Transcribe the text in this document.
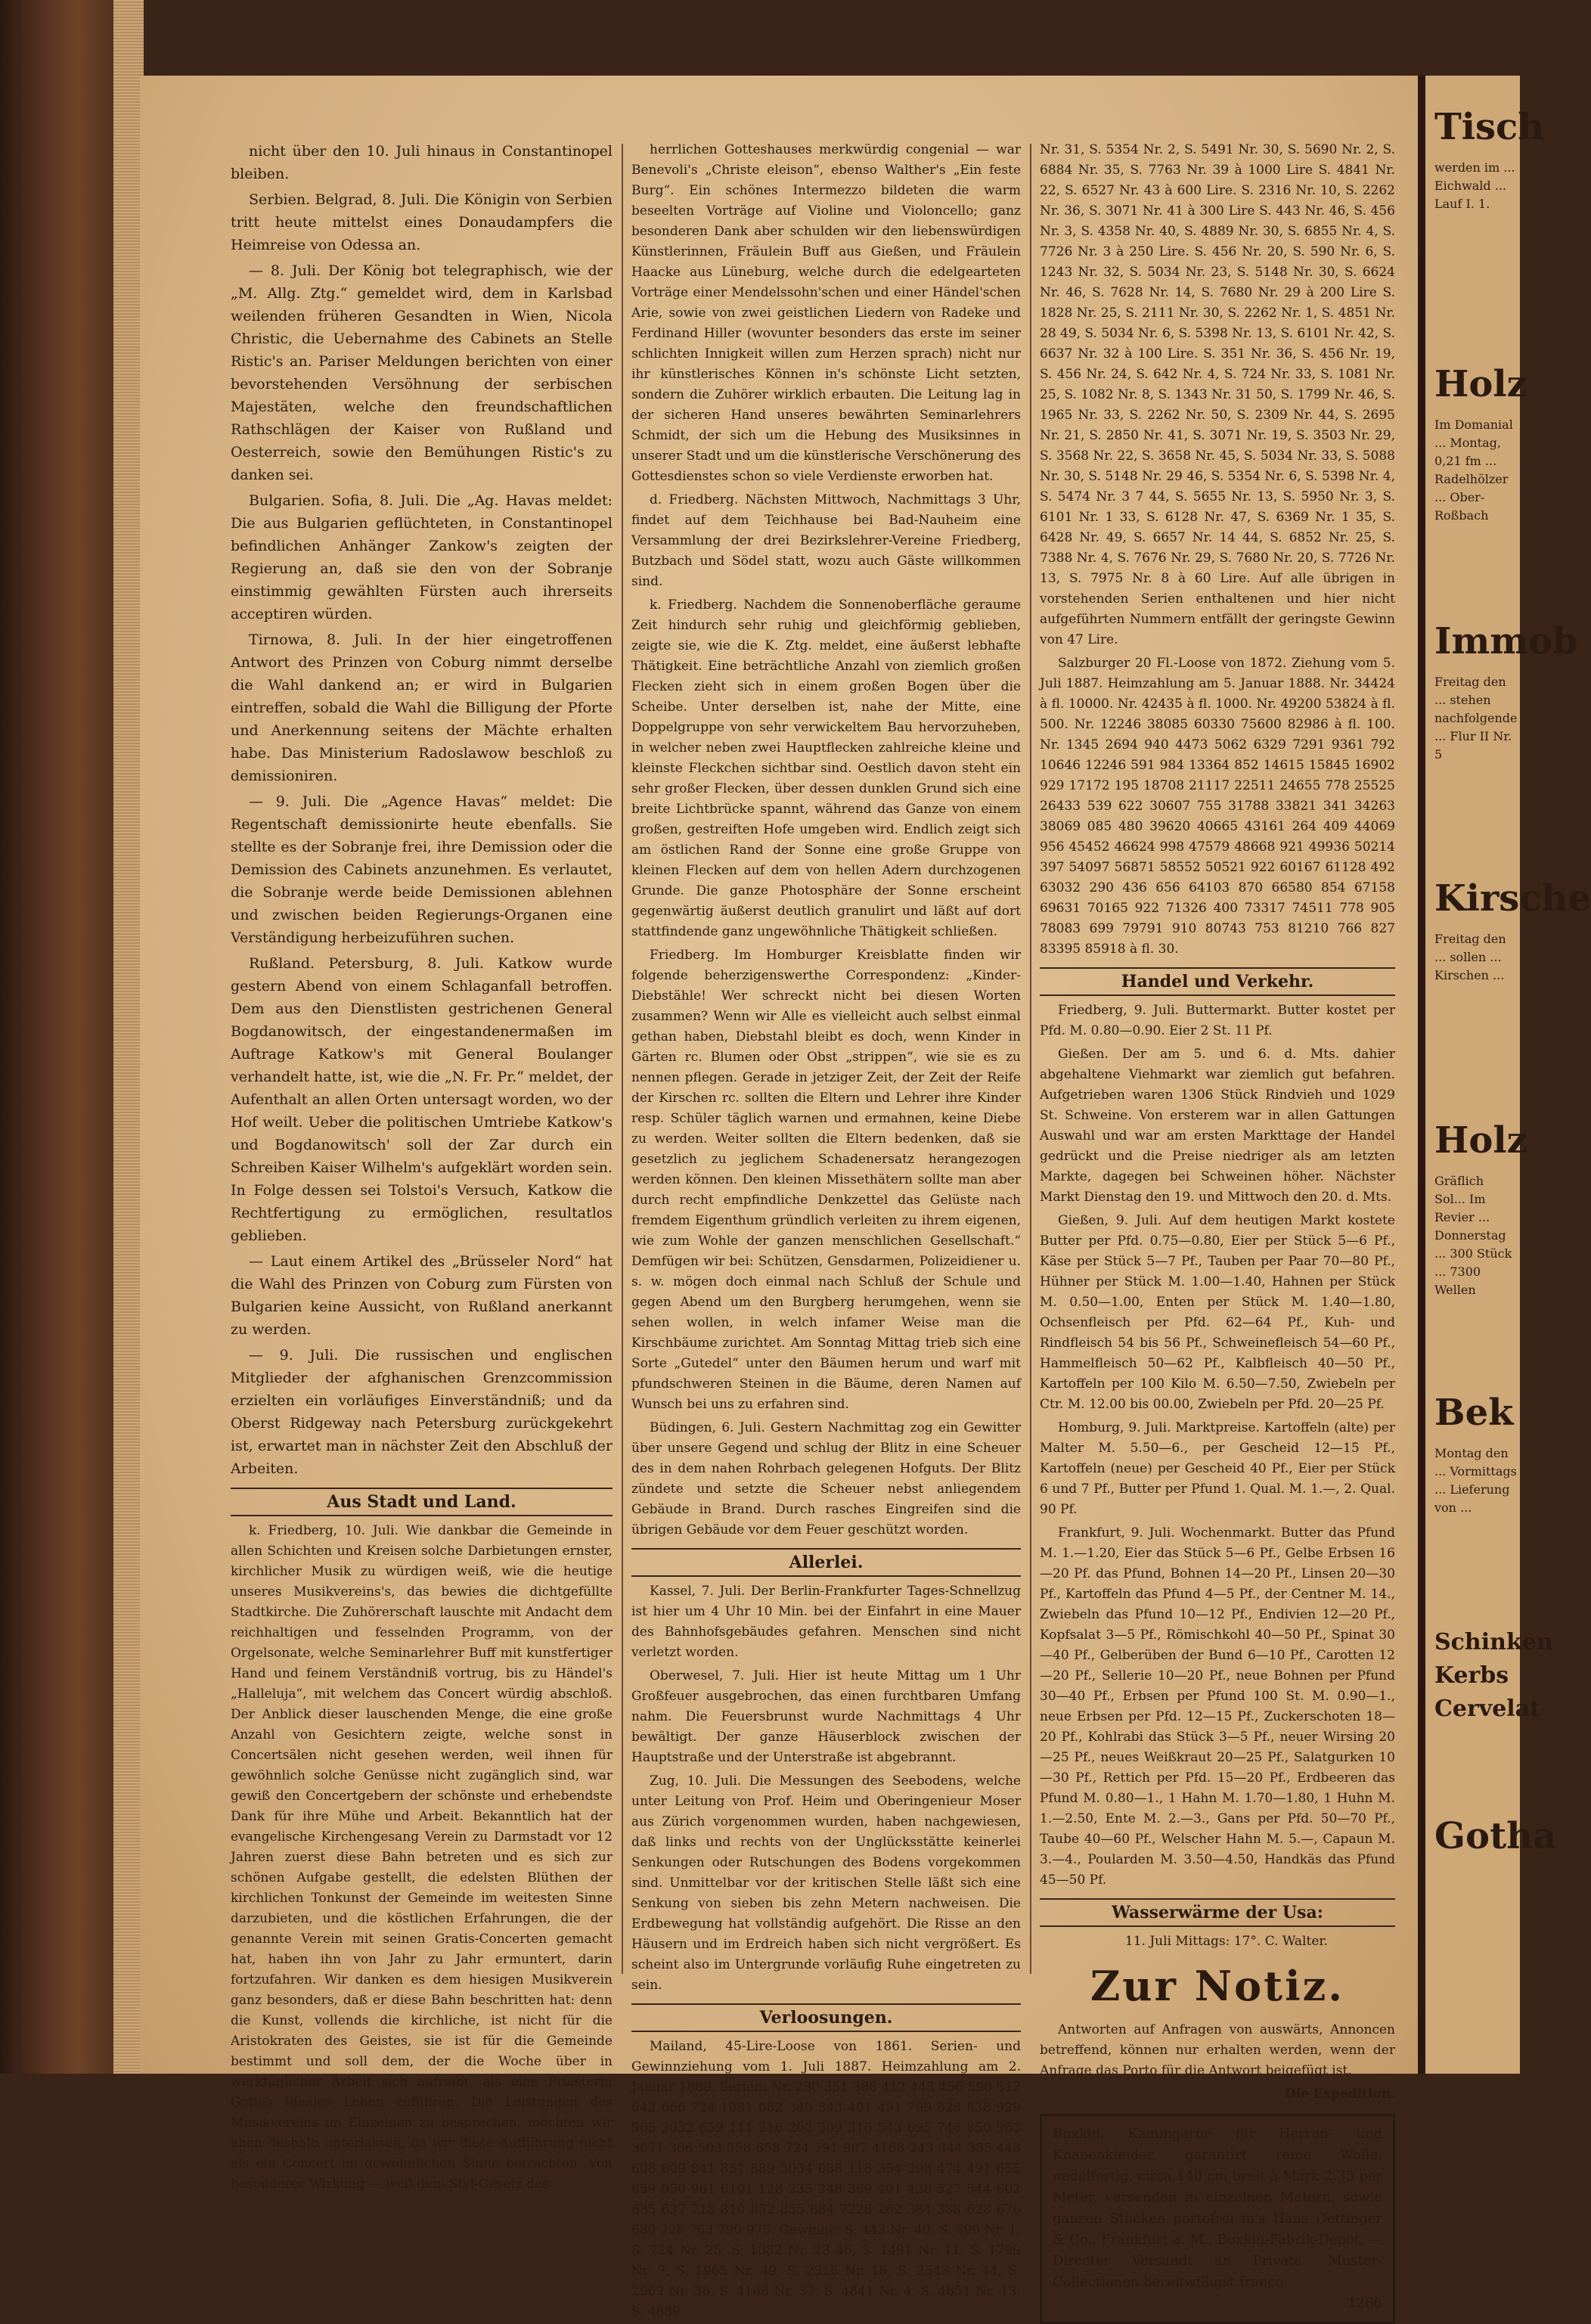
nicht über den 10. Juli hinaus in Constantinopel bleiben.

Serbien. Belgrad, 8. Juli. Die Königin von Serbien tritt heute mittelst eines Donaudampfers die Heimreise von Odessa an.

— 8. Juli. Der König bot telegraphisch, wie der „M. Allg. Ztg.“ gemeldet wird, dem in Karlsbad weilenden früheren Gesandten in Wien, Nicola Christic, die Uebernahme des Cabinets an Stelle Ristic's an. Pariser Meldungen berichten von einer bevorstehenden Versöhnung der serbischen Majestäten, welche den freundschaftlichen Rathschlägen der Kaiser von Rußland und Oesterreich, sowie den Bemühungen Ristic's zu danken sei.

Bulgarien. Sofia, 8. Juli. Die „Ag. Havas meldet: Die aus Bulgarien geflüchteten, in Constantinopel befindlichen Anhänger Zankow's zeigten der Regierung an, daß sie den von der Sobranje einstimmig gewählten Fürsten auch ihrerseits acceptiren würden.

Tirnowa, 8. Juli. In der hier eingetroffenen Antwort des Prinzen von Coburg nimmt derselbe die Wahl dankend an; er wird in Bulgarien eintreffen, sobald die Wahl die Billigung der Pforte und Anerkennung seitens der Mächte erhalten habe. Das Ministerium Radoslawow beschloß zu demissioniren.

— 9. Juli. Die „Agence Havas“ meldet: Die Regentschaft demissionirte heute ebenfalls. Sie stellte es der Sobranje frei, ihre Demission oder die Demission des Cabinets anzunehmen. Es verlautet, die Sobranje werde beide Demissionen ablehnen und zwischen beiden Regierungs-Organen eine Verständigung herbeizuführen suchen.

Rußland. Petersburg, 8. Juli. Katkow wurde gestern Abend von einem Schlaganfall betroffen. Dem aus den Dienstlisten gestrichenen General Bogdanowitsch, der eingestandenermaßen im Auftrage Katkow's mit General Boulanger verhandelt hatte, ist, wie die „N. Fr. Pr.“ meldet, der Aufenthalt an allen Orten untersagt worden, wo der Hof weilt. Ueber die politischen Umtriebe Katkow's und Bogdanowitsch' soll der Zar durch ein Schreiben Kaiser Wilhelm's aufgeklärt worden sein. In Folge dessen sei Tolstoi's Versuch, Katkow die Rechtfertigung zu ermöglichen, resultatlos geblieben.

— Laut einem Artikel des „Brüsseler Nord“ hat die Wahl des Prinzen von Coburg zum Fürsten von Bulgarien keine Aussicht, von Rußland anerkannt zu werden.

— 9. Juli. Die russischen und englischen Mitglieder der afghanischen Grenzcommission erzielten ein vorläufiges Einverständniß; und da Oberst Ridgeway nach Petersburg zurückgekehrt ist, erwartet man in nächster Zeit den Abschluß der Arbeiten.

Aus Stadt und Land.

k. Friedberg, 10. Juli. Wie dankbar die Gemeinde in allen Schichten und Kreisen solche Darbietungen ernster, kirchlicher Musik zu würdigen weiß, wie die heutige unseres Musikvereins's, das bewies die dichtgefüllte Stadtkirche. Die Zuhörerschaft lauschte mit Andacht dem reichhaltigen und fesselnden Programm, von der Orgelsonate, welche Seminarlehrer Buff mit kunstfertiger Hand und feinem Verständniß vortrug, bis zu Händel's „Halleluja“, mit welchem das Concert würdig abschloß. Der Anblick dieser lauschenden Menge, die eine große Anzahl von Gesichtern zeigte, welche sonst in Concertsälen nicht gesehen werden, weil ihnen für gewöhnlich solche Genüsse nicht zugänglich sind, war gewiß den Concertgebern der schönste und erhebendste Dank für ihre Mühe und Arbeit. Bekanntlich hat der evangelische Kirchengesang Verein zu Darmstadt vor 12 Jahren zuerst diese Bahn betreten und es sich zur schönen Aufgabe gestellt, die edelsten Blüthen der kirchlichen Tonkunst der Gemeinde im weitesten Sinne darzubieten, und die köstlichen Erfahrungen, die der genannte Verein mit seinen Gratis-Concerten gemacht hat, haben ihn von Jahr zu Jahr ermuntert, darin fortzufahren. Wir danken es dem hiesigen Musikverein ganz besonders, daß er diese Bahn beschritten hat: denn die Kunst, vollends die kirchliche, ist nicht für die Aristokraten des Geistes, sie ist für die Gemeinde bestimmt und soll dem, der die Woche über in werktäglicher Arbeit sich aufreibt, als eine Priesterin Gottes ideales Leben zuführen. Die Leistungen des Musikvereins im Einzelnen zu besprechen, möchten wir eben deshalb unterlassen, da wir diese Aufführung nicht als ein Concert im gewöhnlichen Sinne betrachten. Von besonderer Wirkung — weil dem Styl-Gesetz des

herrlichen Gotteshauses merkwürdig congenial — war Benevoli's „Christe eleison“, ebenso Walther's „Ein feste Burg“. Ein schönes Intermezzo bildeten die warm beseelten Vorträge auf Violine und Violoncello; ganz besonderen Dank aber schulden wir den liebenswürdigen Künstlerinnen, Fräulein Buff aus Gießen, und Fräulein Haacke aus Lüneburg, welche durch die edelgearteten Vorträge einer Mendelssohn'schen und einer Händel'schen Arie, sowie von zwei geistlichen Liedern von Radeke und Ferdinand Hiller (wovunter besonders das erste im seiner schlichten Innigkeit willen zum Herzen sprach) nicht nur ihr künstlerisches Können in's schönste Licht setzten, sondern die Zuhörer wirklich erbauten. Die Leitung lag in der sicheren Hand unseres bewährten Seminarlehrers Schmidt, der sich um die Hebung des Musiksinnes in unserer Stadt und um die künstlerische Verschönerung des Gottesdienstes schon so viele Verdienste erworben hat.

d. Friedberg. Nächsten Mittwoch, Nachmittags 3 Uhr, findet auf dem Teichhause bei Bad-Nauheim eine Versammlung der drei Bezirkslehrer-Vereine Friedberg, Butzbach und Södel statt, wozu auch Gäste willkommen sind.

k. Friedberg. Nachdem die Sonnenoberfläche geraume Zeit hindurch sehr ruhig und gleichförmig geblieben, zeigte sie, wie die K. Ztg. meldet, eine äußerst lebhafte Thätigkeit. Eine beträchtliche Anzahl von ziemlich großen Flecken zieht sich in einem großen Bogen über die Scheibe. Unter derselben ist, nahe der Mitte, eine Doppelgruppe von sehr verwickeltem Bau hervorzuheben, in welcher neben zwei Hauptflecken zahlreiche kleine und kleinste Fleckchen sichtbar sind. Oestlich davon steht ein sehr großer Flecken, über dessen dunklen Grund sich eine breite Lichtbrücke spannt, während das Ganze von einem großen, gestreiften Hofe umgeben wird. Endlich zeigt sich am östlichen Rand der Sonne eine große Gruppe von kleinen Flecken auf dem von hellen Adern durchzogenen Grunde. Die ganze Photosphäre der Sonne erscheint gegenwärtig äußerst deutlich granulirt und läßt auf dort stattfindende ganz ungewöhnliche Thätigkeit schließen.

Friedberg. Im Homburger Kreisblatte finden wir folgende beherzigenswerthe Correspondenz: „Kinder-Diebstähle! Wer schreckt nicht bei diesen Worten zusammen? Wenn wir Alle es vielleicht auch selbst einmal gethan haben, Diebstahl bleibt es doch, wenn Kinder in Gärten rc. Blumen oder Obst „strippen“, wie sie es zu nennen pflegen. Gerade in jetziger Zeit, der Zeit der Reife der Kirschen rc. sollten die Eltern und Lehrer ihre Kinder resp. Schüler täglich warnen und ermahnen, keine Diebe zu werden. Weiter sollten die Eltern bedenken, daß sie gesetzlich zu jeglichem Schadenersatz herangezogen werden können. Den kleinen Missethätern sollte man aber durch recht empfindliche Denkzettel das Gelüste nach fremdem Eigenthum gründlich verleiten zu ihrem eigenen, wie zum Wohle der ganzen menschlichen Gesellschaft.“ Demfügen wir bei: Schützen, Gensdarmen, Polizeidiener u. s. w. mögen doch einmal nach Schluß der Schule und gegen Abend um den Burgberg herumgehen, wenn sie sehen wollen, in welch infamer Weise man die Kirschbäume zurichtet. Am Sonntag Mittag trieb sich eine Sorte „Gutedel“ unter den Bäumen herum und warf mit pfundschweren Steinen in die Bäume, deren Namen auf Wunsch bei uns zu erfahren sind.

Büdingen, 6. Juli. Gestern Nachmittag zog ein Gewitter über unsere Gegend und schlug der Blitz in eine Scheuer des in dem nahen Rohrbach gelegenen Hofguts. Der Blitz zündete und setzte die Scheuer nebst anliegendem Gebäude in Brand. Durch rasches Eingreifen sind die übrigen Gebäude vor dem Feuer geschützt worden.

Allerlei.

Kassel, 7. Juli. Der Berlin-Frankfurter Tages-Schnellzug ist hier um 4 Uhr 10 Min. bei der Einfahrt in eine Mauer des Bahnhofsgebäudes gefahren. Menschen sind nicht verletzt worden.

Oberwesel, 7. Juli. Hier ist heute Mittag um 1 Uhr Großfeuer ausgebrochen, das einen furchtbaren Umfang nahm. Die Feuersbrunst wurde Nachmittags 4 Uhr bewältigt. Der ganze Häuserblock zwischen der Hauptstraße und der Unterstraße ist abgebrannt.

Zug, 10. Juli. Die Messungen des Seebodens, welche unter Leitung von Prof. Heim und Oberingenieur Moser aus Zürich vorgenommen wurden, haben nachgewiesen, daß links und rechts von der Unglücksstätte keinerlei Senkungen oder Rutschungen des Bodens vorgekommen sind. Unmittelbar vor der kritischen Stelle läßt sich eine Senkung von sieben bis zehn Metern nachweisen. Die Erdbewegung hat vollständig aufgehört. Die Risse an den Häusern und im Erdreich haben sich nicht vergrößert. Es scheint also im Untergrunde vorläufig Ruhe eingetreten zu sein.

Verloosungen.

Mailand, 45-Lire-Loose von 1861. Serien- und Gewinnziehung vom 1. Juli 1887. Heimzahlung am 2. Januar 1888. Serien: Nr. 230 351 386 412 443 456 590 617 642 666 724 1081 082 340 343 401 491 799 828 838 929 965 2032 659 111 216 262 309 316 543 695 746 850 963 3071 366 503 558 658 724 791 987 4168 243 344 355 448 608 809 841 851 889 5034 088 118 354 398 474 491 655 659 950 961 6101 128 235 248 369 401 428 527 544 602 635 637 718 810 852 855 884 7226 262 384 388 628 676 680 726 763 790 975. Gewinne: S. 443 Nr. 40, S. 590 Nr. 1, S. 724 Nr. 25, S. 1082 Nr. 23 46, S. 1491 Nr. 11, S. 1799 Nr. 7, S. 1965 Nr. 49, S. 2316 Nr. 16, S. 2543 Nr. 44, S. 2962 Nr. 38, S. 4168 Nr. 37, S. 4841 Nr. 4, S. 4851 Nr. 13, S. 4889

Nr. 31, S. 5354 Nr. 2, S. 5491 Nr. 30, S. 5690 Nr. 2, S. 6884 Nr. 35, S. 7763 Nr. 39 à 1000 Lire S. 4841 Nr. 22, S. 6527 Nr. 43 à 600 Lire. S. 2316 Nr. 10, S. 2262 Nr. 36, S. 3071 Nr. 41 à 300 Lire S. 443 Nr. 46, S. 456 Nr. 3, S. 4358 Nr. 40, S. 4889 Nr. 30, S. 6855 Nr. 4, S. 7726 Nr. 3 à 250 Lire. S. 456 Nr. 20, S. 590 Nr. 6, S. 1243 Nr. 32, S. 5034 Nr. 23, S. 5148 Nr. 30, S. 6624 Nr. 46, S. 7628 Nr. 14, S. 7680 Nr. 29 à 200 Lire S. 1828 Nr. 25, S. 2111 Nr. 30, S. 2262 Nr. 1, S. 4851 Nr. 28 49, S. 5034 Nr. 6, S. 5398 Nr. 13, S. 6101 Nr. 42, S. 6637 Nr. 32 à 100 Lire. S. 351 Nr. 36, S. 456 Nr. 19, S. 456 Nr. 24, S. 642 Nr. 4, S. 724 Nr. 33, S. 1081 Nr. 25, S. 1082 Nr. 8, S. 1343 Nr. 31 50, S. 1799 Nr. 46, S. 1965 Nr. 33, S. 2262 Nr. 50, S. 2309 Nr. 44, S. 2695 Nr. 21, S. 2850 Nr. 41, S. 3071 Nr. 19, S. 3503 Nr. 29, S. 3568 Nr. 22, S. 3658 Nr. 45, S. 5034 Nr. 33, S. 5088 Nr. 30, S. 5148 Nr. 29 46, S. 5354 Nr. 6, S. 5398 Nr. 4, S. 5474 Nr. 3 7 44, S. 5655 Nr. 13, S. 5950 Nr. 3, S. 6101 Nr. 1 33, S. 6128 Nr. 47, S. 6369 Nr. 1 35, S. 6428 Nr. 49, S. 6657 Nr. 14 44, S. 6852 Nr. 25, S. 7388 Nr. 4, S. 7676 Nr. 29, S. 7680 Nr. 20, S. 7726 Nr. 13, S. 7975 Nr. 8 à 60 Lire. Auf alle übrigen in vorstehenden Serien enthaltenen und hier nicht aufgeführten Nummern entfällt der geringste Gewinn von 47 Lire.

Salzburger 20 Fl.-Loose von 1872. Ziehung vom 5. Juli 1887. Heimzahlung am 5. Januar 1888. Nr. 34424 à fl. 10000. Nr. 42435 à fl. 1000. Nr. 49200 53824 à fl. 500. Nr. 12246 38085 60330 75600 82986 à fl. 100. Nr. 1345 2694 940 4473 5062 6329 7291 9361 792 10646 12246 591 984 13364 852 14615 15845 16902 929 17172 195 18708 21117 22511 24655 778 25525 26433 539 622 30607 755 31788 33821 341 34263 38069 085 480 39620 40665 43161 264 409 44069 956 45452 46624 998 47579 48668 921 49936 50214 397 54097 56871 58552 50521 922 60167 61128 492 63032 290 436 656 64103 870 66580 854 67158 69631 70165 922 71326 400 73317 74511 778 905 78083 699 79791 910 80743 753 81210 766 827 83395 85918 à fl. 30.

Handel und Verkehr.

Friedberg, 9. Juli. Buttermarkt. Butter kostet per Pfd. M. 0.80—0.90. Eier 2 St. 11 Pf.

Gießen. Der am 5. und 6. d. Mts. dahier abgehaltene Viehmarkt war ziemlich gut befahren. Aufgetrieben waren 1306 Stück Rindvieh und 1029 St. Schweine. Von ersterem war in allen Gattungen Auswahl und war am ersten Markttage der Handel gedrückt und die Preise niedriger als am letzten Markte, dagegen bei Schweinen höher. Nächster Markt Dienstag den 19. und Mittwoch den 20. d. Mts.

Gießen, 9. Juli. Auf dem heutigen Markt kostete Butter per Pfd. 0.75—0.80, Eier per Stück 5—6 Pf., Käse per Stück 5—7 Pf., Tauben per Paar 70—80 Pf., Hühner per Stück M. 1.00—1.40, Hahnen per Stück M. 0.50—1.00, Enten per Stück M. 1.40—1.80, Ochsenfleisch per Pfd. 62—64 Pf., Kuh- und Rindfleisch 54 bis 56 Pf., Schweinefleisch 54—60 Pf., Hammelfleisch 50—62 Pf., Kalbfleisch 40—50 Pf., Kartoffeln per 100 Kilo M. 6.50—7.50, Zwiebeln per Ctr. M. 12.00 bis 00.00, Zwiebeln per Pfd. 20—25 Pf.

Homburg, 9. Juli. Marktpreise. Kartoffeln (alte) per Malter M. 5.50—6., per Gescheid 12—15 Pf., Kartoffeln (neue) per Gescheid 40 Pf., Eier per Stück 6 und 7 Pf., Butter per Pfund 1. Qual. M. 1.—, 2. Qual. 90 Pf.

Frankfurt, 9. Juli. Wochenmarkt. Butter das Pfund M. 1.—1.20, Eier das Stück 5—6 Pf., Gelbe Erbsen 16—20 Pf. das Pfund, Bohnen 14—20 Pf., Linsen 20—30 Pf., Kartoffeln das Pfund 4—5 Pf., der Centner M. 14., Zwiebeln das Pfund 10—12 Pf., Endivien 12—20 Pf., Kopfsalat 3—5 Pf., Römischkohl 40—50 Pf., Spinat 30—40 Pf., Gelberüben der Bund 6—10 Pf., Carotten 12—20 Pf., Sellerie 10—20 Pf., neue Bohnen per Pfund 30—40 Pf., Erbsen per Pfund 100 St. M. 0.90—1., neue Erbsen per Pfd. 12—15 Pf., Zuckerschoten 18—20 Pf., Kohlrabi das Stück 3—5 Pf., neuer Wirsing 20—25 Pf., neues Weißkraut 20—25 Pf., Salatgurken 10—30 Pf., Rettich per Pfd. 15—20 Pf., Erdbeeren das Pfund M. 0.80—1., 1 Hahn M. 1.70—1.80, 1 Huhn M. 1.—2.50, Ente M. 2.—3., Gans per Pfd. 50—70 Pf., Taube 40—60 Pf., Welscher Hahn M. 5.—, Capaun M. 3.—4., Poularden M. 3.50—4.50, Handkäs das Pfund 45—50 Pf.

Wasserwärme der Usa:

11. Juli Mittags: 17°. C. Walter.

Zur Notiz.

Antworten auf Anfragen von auswärts, Annoncen betreffend, können nur erhalten werden, wenn der Anfrage das Porto für die Antwort beigefügt ist.

Die Expedition.

Buxkin, Kammgarne für Herren- und Knabenkleider, garantirt reine Wolle, nadelfertig, circa 140 cm breit à Mark 2.35 per Meter, versenden in einzelnen Metern, sowie ganzen Stücken portofrei in's Haus Oettinger & Co., Frankfurt a. M., Buxkin-Fabrik-Depot. — Directer Versandt an Private. Muster-Collectionen bereitwilligst franco.
1266
Tisch
werden im ... Eichwald ... Lauf I. 1.
Holz
Im Domanial ... Montag, 0,21 fm ... Radelhölzer ... Ober-Roßbach
Immob
Freitag den ... stehen nachfolgende ... Flur II Nr. 5
Kirsche
Freitag den ... sollen ... Kirschen ...
Holz
Gräflich Sol... Im Revier ... Donnerstag ... 300 Stück ... 7300 Wellen
Bek
Montag den ... Vormittags ... Lieferung von ...
Schinken Kerbs Cervelat
Gotha
